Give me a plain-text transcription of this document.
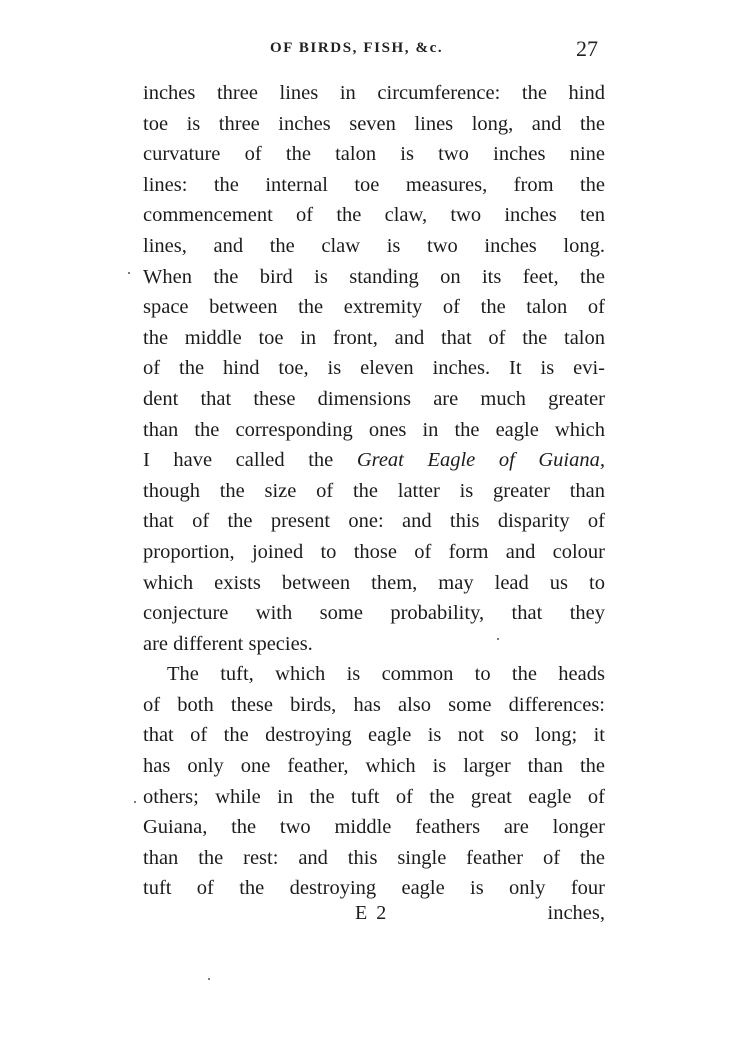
OF BIRDS, FISH, &c.	27
inches three lines in circumference: the hind
toe is three inches seven lines long, and the
curvature of the talon is two inches nine
lines: the internal toe measures, from the
commencement of the claw, two inches ten
lines, and the claw is two inches long.
When the bird is standing on its feet, the
space between the extremity of the talon of
the middle toe in front, and that of the talon
of the hind toe, is eleven inches. It is evi-
dent that these dimensions are much greater
than the corresponding ones in the eagle which
I have called the Great Eagle of Guiana,
though the size of the latter is greater than
that of the present one: and this disparity of
proportion, joined to those of form and colour
which exists between them, may lead us to
conjecture with some probability, that they
are different species.
The tuft, which is common to the heads
of both these birds, has also some differences:
that of the destroying eagle is not so long; it
has only one feather, which is larger than the
others; while in the tuft of the great eagle of
Guiana, the two middle feathers are longer
than the rest: and this single feather of the
tuft of the destroying eagle is only four
E 2	inches,
